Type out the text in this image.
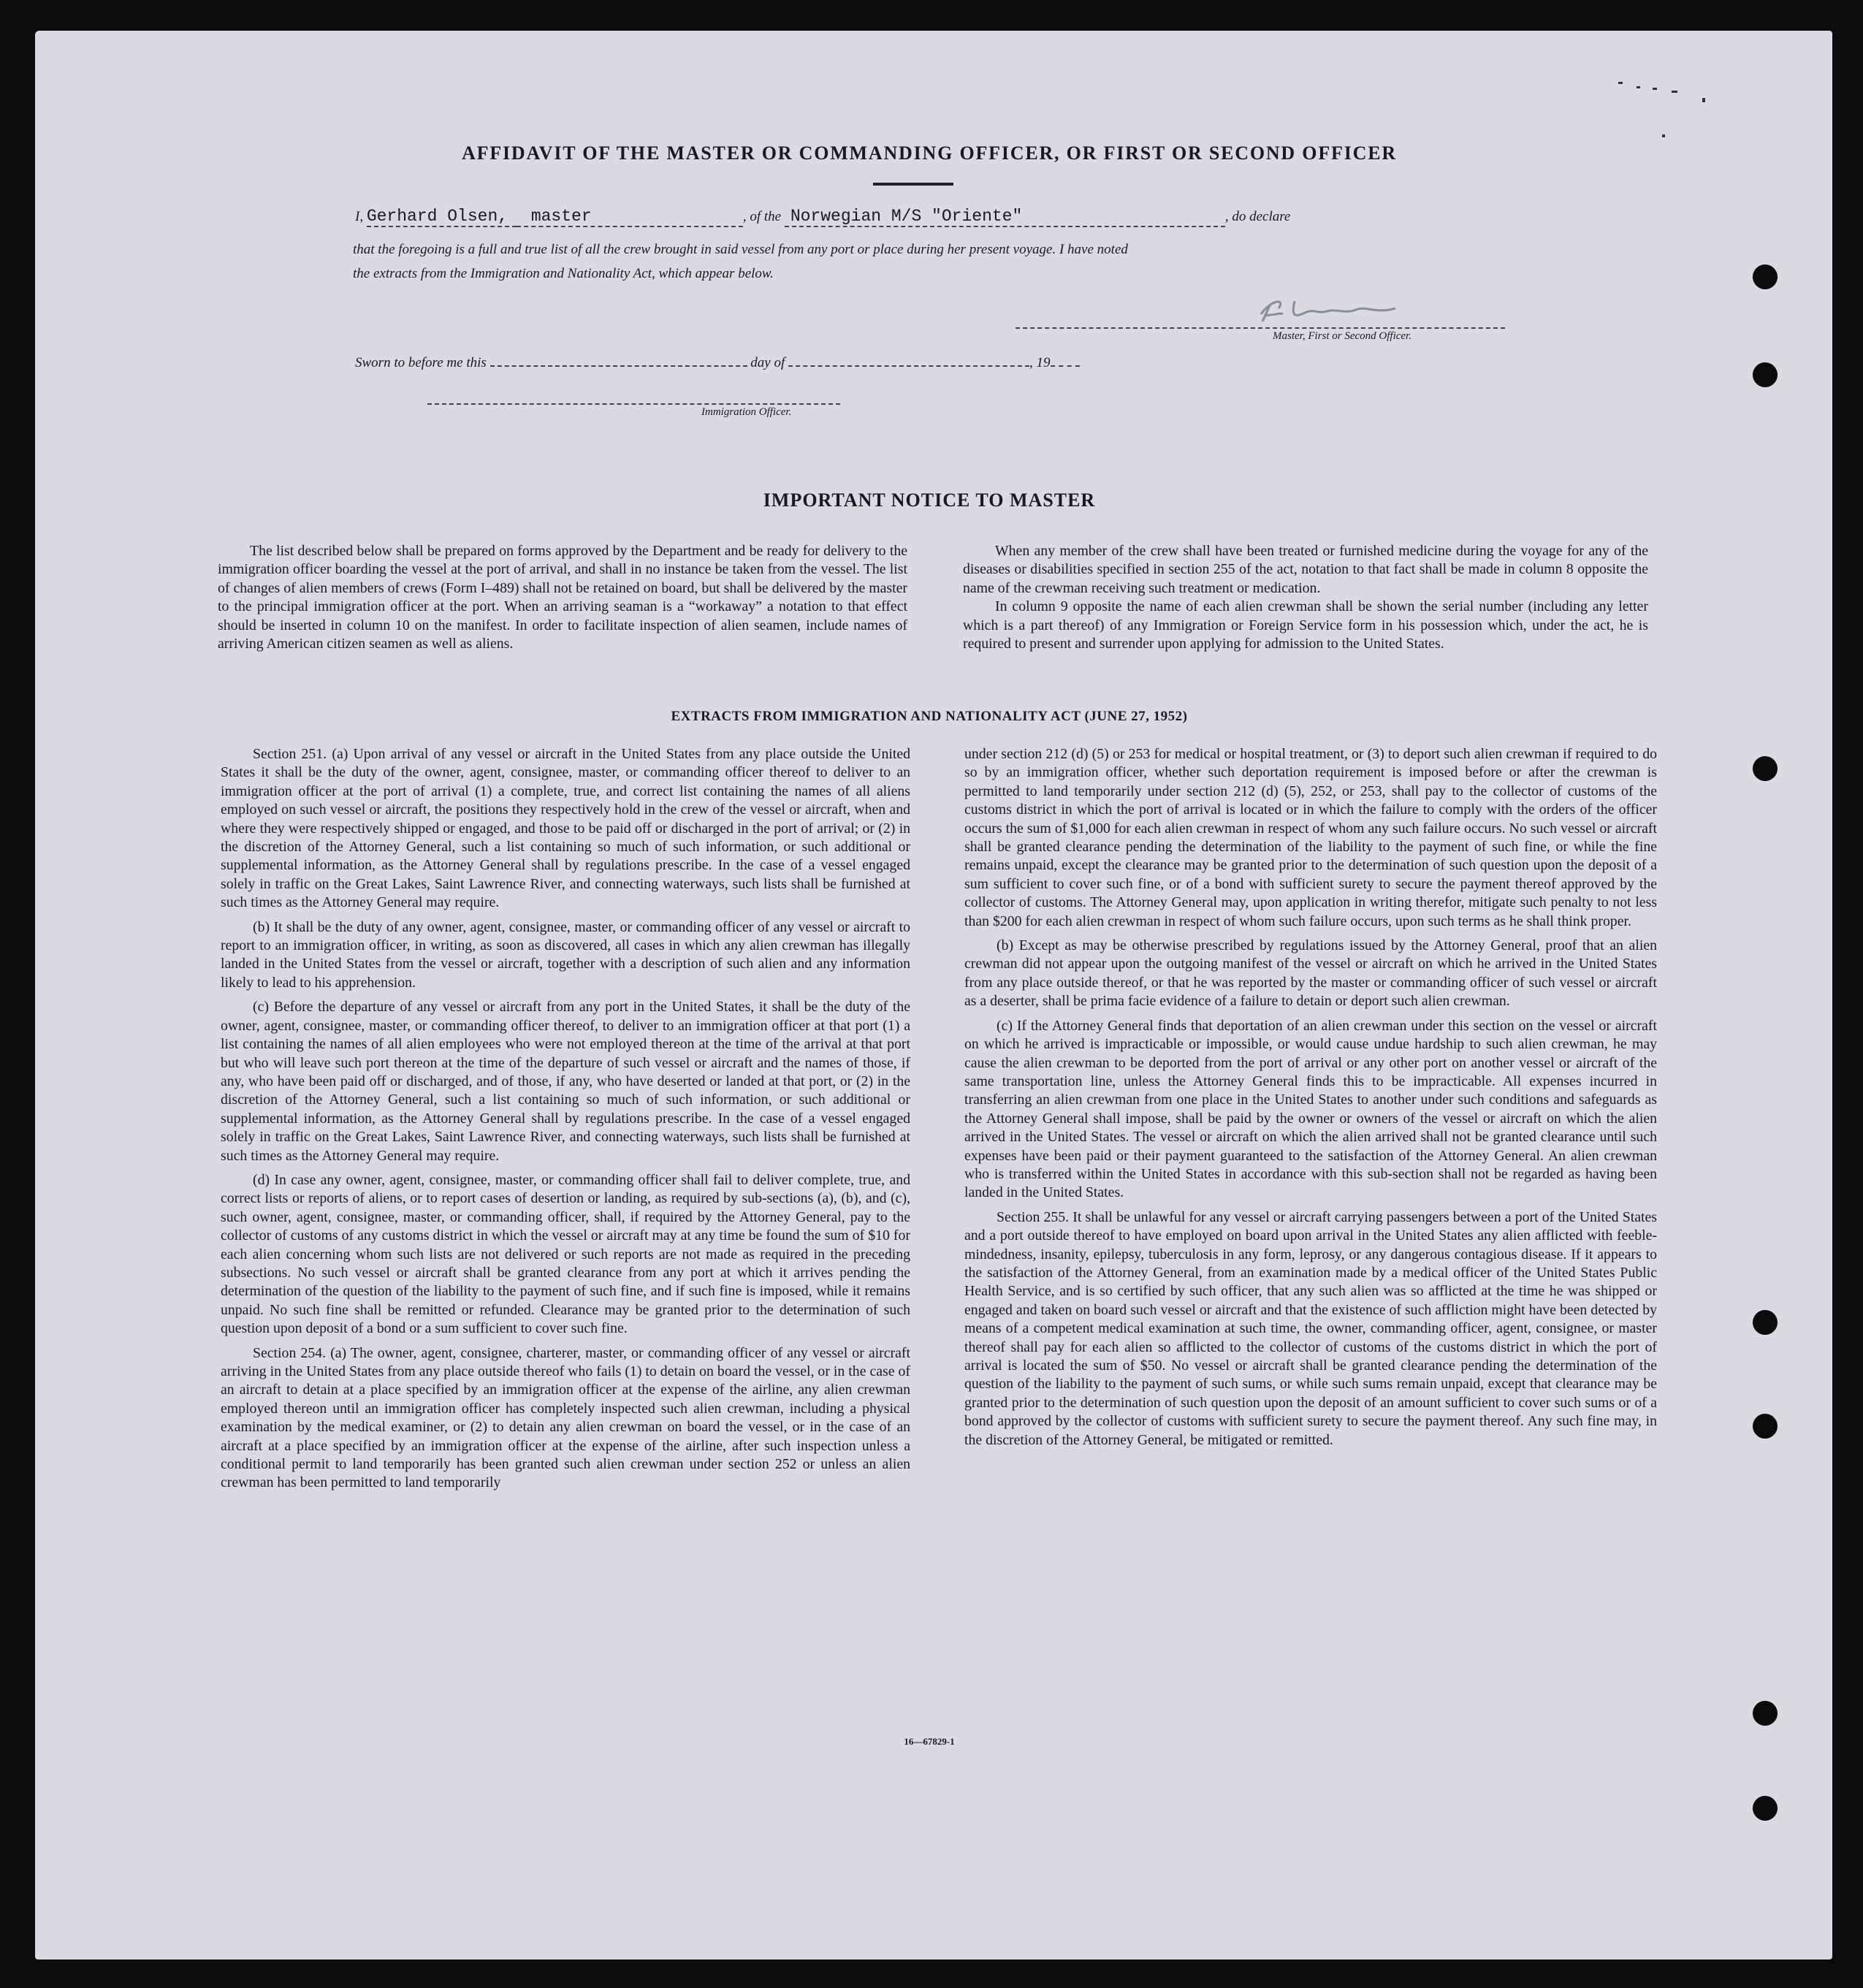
AFFIDAVIT OF THE MASTER OR COMMANDING OFFICER, OR FIRST OR SECOND OFFICER
I, Gerhard Olsen, master	, of the Norwegian M/S "Oriente"	, do declare
that the foregoing is a full and true list of all the crew brought in said vessel from any port or place during her present voyage. I have noted
the extracts from the Immigration and Nationality Act, which appear below.
Master, First or Second Officer.
Sworn to before me this	day of	, 19
Immigration Officer.
IMPORTANT NOTICE TO MASTER

The list described below shall be prepared on forms approved by the Department and be ready for delivery to the immigration officer boarding the vessel at the port of arrival, and shall in no instance be taken from the vessel. The list of changes of alien members of crews (Form I–489) shall not be retained on board, but shall be delivered by the master to the principal immigration officer at the port. When an arriving seaman is a “workaway” a notation to that effect should be inserted in column 10 on the manifest. In order to facilitate inspection of alien seamen, include names of arriving American citizen seamen as well as aliens.

When any member of the crew shall have been treated or furnished medicine during the voyage for any of the diseases or disabilities specified in section 255 of the act, notation to that fact shall be made in column 8 opposite the name of the crewman receiving such treatment or medication.

In column 9 opposite the name of each alien crewman shall be shown the serial number (including any letter which is a part thereof) of any Immigration or Foreign Service form in his possession which, under the act, he is required to present and surrender upon applying for admission to the United States.

EXTRACTS FROM IMMIGRATION AND NATIONALITY ACT (JUNE 27, 1952)

Section 251. (a) Upon arrival of any vessel or aircraft in the United States from any place outside the United States it shall be the duty of the owner, agent, consignee, master, or commanding officer thereof to deliver to an immigration officer at the port of arrival (1) a complete, true, and correct list containing the names of all aliens employed on such vessel or aircraft, the positions they respectively hold in the crew of the vessel or aircraft, when and where they were respectively shipped or engaged, and those to be paid off or discharged in the port of arrival; or (2) in the discretion of the Attorney General, such a list containing so much of such information, or such additional or supplemental information, as the Attorney General shall by regulations prescribe. In the case of a vessel engaged solely in traffic on the Great Lakes, Saint Lawrence River, and connecting waterways, such lists shall be furnished at such times as the Attorney General may require.

(b) It shall be the duty of any owner, agent, consignee, master, or commanding officer of any vessel or aircraft to report to an immigration officer, in writing, as soon as discovered, all cases in which any alien crewman has illegally landed in the United States from the vessel or aircraft, together with a description of such alien and any information likely to lead to his apprehension.

(c) Before the departure of any vessel or aircraft from any port in the United States, it shall be the duty of the owner, agent, consignee, master, or commanding officer thereof, to deliver to an immigration officer at that port (1) a list containing the names of all alien employees who were not employed thereon at the time of the arrival at that port but who will leave such port thereon at the time of the departure of such vessel or aircraft and the names of those, if any, who have been paid off or discharged, and of those, if any, who have deserted or landed at that port, or (2) in the discretion of the Attorney General, such a list containing so much of such information, or such additional or supplemental information, as the Attorney General shall by regulations prescribe. In the case of a vessel engaged solely in traffic on the Great Lakes, Saint Lawrence River, and connecting waterways, such lists shall be furnished at such times as the Attorney General may require.

(d) In case any owner, agent, consignee, master, or commanding officer shall fail to deliver complete, true, and correct lists or reports of aliens, or to report cases of desertion or landing, as required by sub-sections (a), (b), and (c), such owner, agent, consignee, master, or commanding officer, shall, if required by the Attorney General, pay to the collector of customs of any customs district in which the vessel or aircraft may at any time be found the sum of $10 for each alien concerning whom such lists are not delivered or such reports are not made as required in the preceding subsections. No such vessel or aircraft shall be granted clearance from any port at which it arrives pending the determination of the question of the liability to the payment of such fine, and if such fine is imposed, while it remains unpaid. No such fine shall be remitted or refunded. Clearance may be granted prior to the determination of such question upon deposit of a bond or a sum sufficient to cover such fine.

Section 254. (a) The owner, agent, consignee, charterer, master, or commanding officer of any vessel or aircraft arriving in the United States from any place outside thereof who fails (1) to detain on board the vessel, or in the case of an aircraft to detain at a place specified by an immigration officer at the expense of the airline, any alien crewman employed thereon until an immigration officer has completely inspected such alien crewman, including a physical examination by the medical examiner, or (2) to detain any alien crewman on board the vessel, or in the case of an aircraft at a place specified by an immigration officer at the expense of the airline, after such inspection unless a conditional permit to land temporarily has been granted such alien crewman under section 252 or unless an alien crewman has been permitted to land temporarily

under section 212 (d) (5) or 253 for medical or hospital treatment, or (3) to deport such alien crewman if required to do so by an immigration officer, whether such deportation requirement is imposed before or after the crewman is permitted to land temporarily under section 212 (d) (5), 252, or 253, shall pay to the collector of customs of the customs district in which the port of arrival is located or in which the failure to comply with the orders of the officer occurs the sum of $1,000 for each alien crewman in respect of whom any such failure occurs. No such vessel or aircraft shall be granted clearance pending the determination of the liability to the payment of such fine, or while the fine remains unpaid, except the clearance may be granted prior to the determination of such question upon the deposit of a sum sufficient to cover such fine, or of a bond with sufficient surety to secure the payment thereof approved by the collector of customs. The Attorney General may, upon application in writing therefor, mitigate such penalty to not less than $200 for each alien crewman in respect of whom such failure occurs, upon such terms as he shall think proper.

(b) Except as may be otherwise prescribed by regulations issued by the Attorney General, proof that an alien crewman did not appear upon the outgoing manifest of the vessel or aircraft on which he arrived in the United States from any place outside thereof, or that he was reported by the master or commanding officer of such vessel or aircraft as a deserter, shall be prima facie evidence of a failure to detain or deport such alien crewman.

(c) If the Attorney General finds that deportation of an alien crewman under this section on the vessel or aircraft on which he arrived is impracticable or impossible, or would cause undue hardship to such alien crewman, he may cause the alien crewman to be deported from the port of arrival or any other port on another vessel or aircraft of the same transportation line, unless the Attorney General finds this to be impracticable. All expenses incurred in transferring an alien crewman from one place in the United States to another under such conditions and safeguards as the Attorney General shall impose, shall be paid by the owner or owners of the vessel or aircraft on which the alien arrived in the United States. The vessel or aircraft on which the alien arrived shall not be granted clearance until such expenses have been paid or their payment guaranteed to the satisfaction of the Attorney General. An alien crewman who is transferred within the United States in accordance with this sub-section shall not be regarded as having been landed in the United States.

Section 255. It shall be unlawful for any vessel or aircraft carrying passengers between a port of the United States and a port outside thereof to have employed on board upon arrival in the United States any alien afflicted with feeble-mindedness, insanity, epilepsy, tuberculosis in any form, leprosy, or any dangerous contagious disease. If it appears to the satisfaction of the Attorney General, from an examination made by a medical officer of the United States Public Health Service, and is so certified by such officer, that any such alien was so afflicted at the time he was shipped or engaged and taken on board such vessel or aircraft and that the existence of such affliction might have been detected by means of a competent medical examination at such time, the owner, commanding officer, agent, consignee, or master thereof shall pay for each alien so afflicted to the collector of customs of the customs district in which the port of arrival is located the sum of $50. No vessel or aircraft shall be granted clearance pending the determination of the question of the liability to the payment of such sums, or while such sums remain unpaid, except that clearance may be granted prior to the determination of such question upon the deposit of an amount sufficient to cover such sums or of a bond approved by the collector of customs with sufficient surety to secure the payment thereof. Any such fine may, in the discretion of the Attorney General, be mitigated or remitted.

16—67829-1
